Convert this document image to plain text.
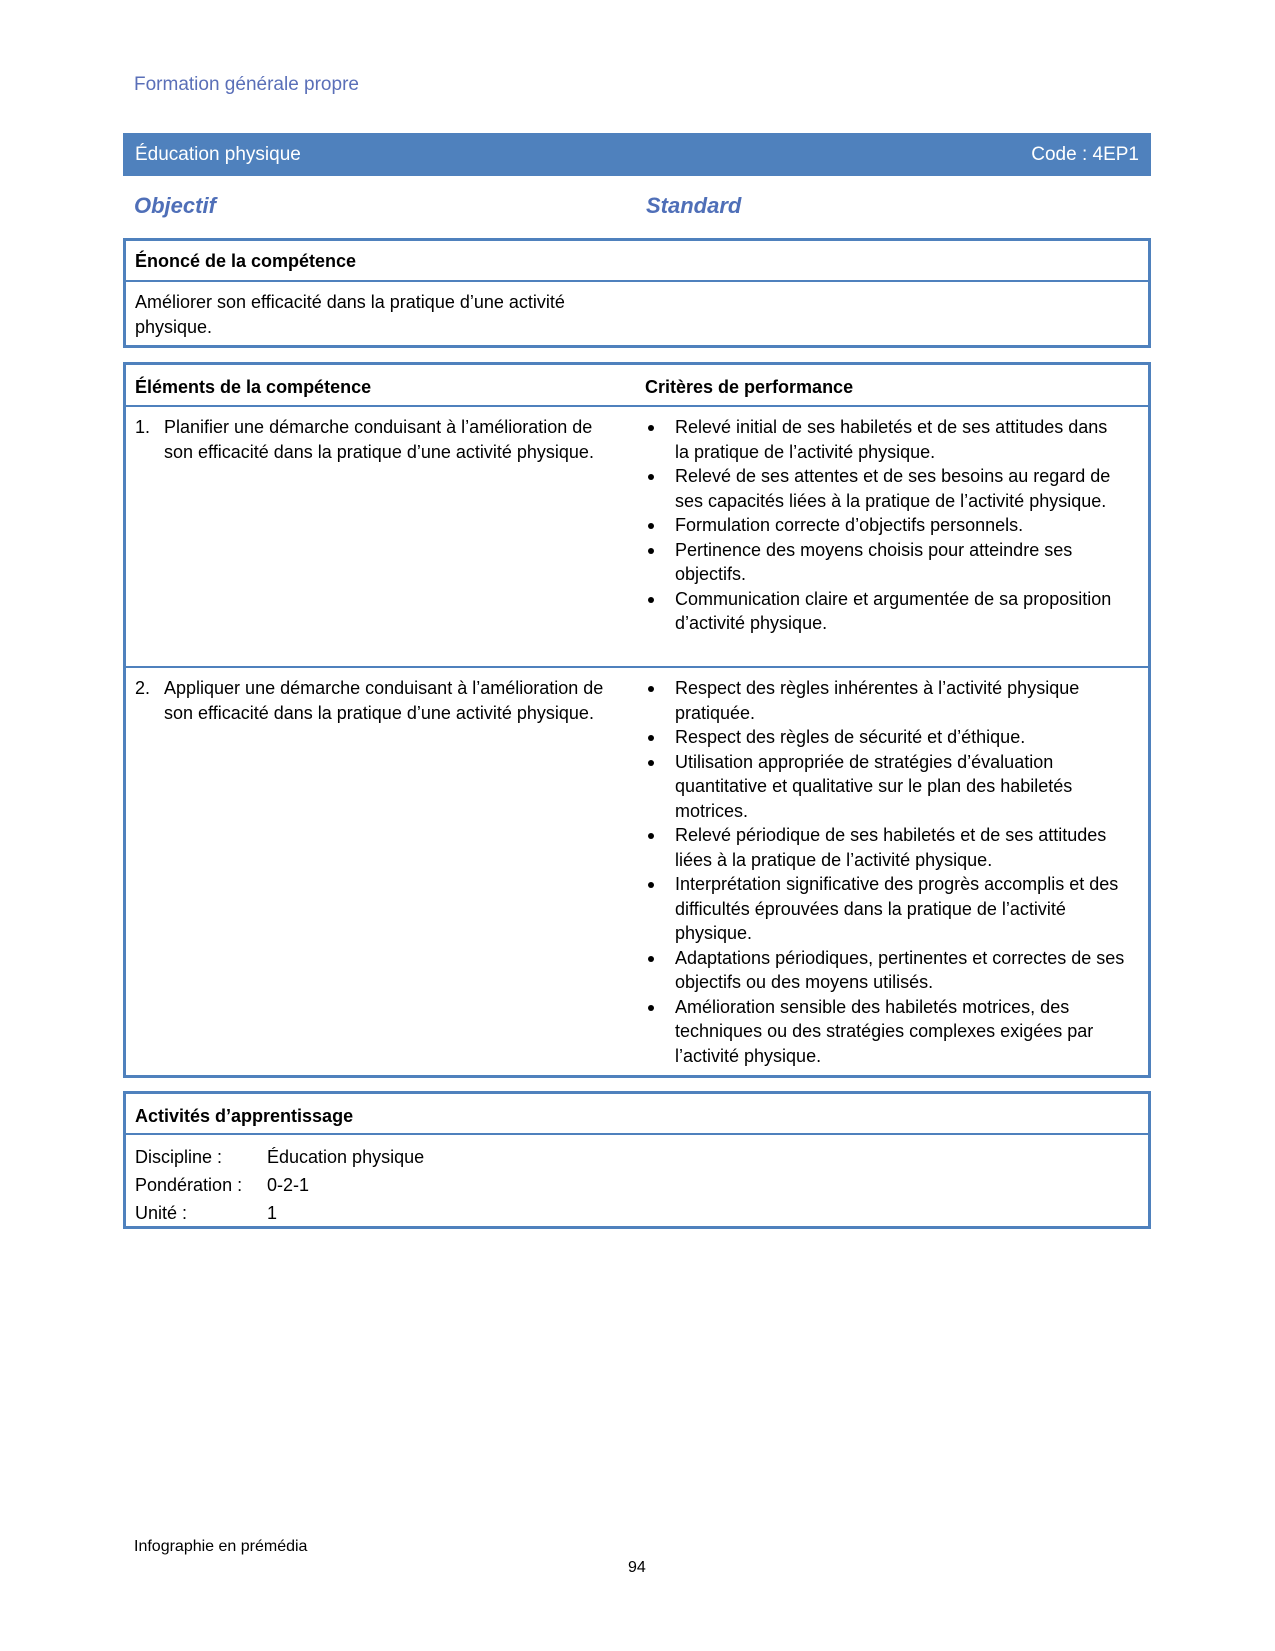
Formation générale propre
Éducation physique	Code : 4EP1
Objectif	Standard
Énoncé de la compétence
Améliorer son efficacité dans la pratique d’une activité physique.
Éléments de la compétence	Critères de performance
1. Planifier une démarche conduisant à l’amélioration de son efficacité dans la pratique d’une activité physique.
Relevé initial de ses habiletés et de ses attitudes dans la pratique de l’activité physique.
Relevé de ses attentes et de ses besoins au regard de ses capacités liées à la pratique de l’activité physique.
Formulation correcte d’objectifs personnels.
Pertinence des moyens choisis pour atteindre ses objectifs.
Communication claire et argumentée de sa proposition d’activité physique.
2. Appliquer une démarche conduisant à l’amélioration de son efficacité dans la pratique d’une activité physique.
Respect des règles inhérentes à l’activité physique pratiquée.
Respect des règles de sécurité et d’éthique.
Utilisation appropriée de stratégies d’évaluation quantitative et qualitative sur le plan des habiletés motrices.
Relevé périodique de ses habiletés et de ses attitudes liées à la pratique de l’activité physique.
Interprétation significative des progrès accomplis et des difficultés éprouvées dans la pratique de l’activité physique.
Adaptations périodiques, pertinentes et correctes de ses objectifs ou des moyens utilisés.
Amélioration sensible des habiletés motrices, des techniques ou des stratégies complexes exigées par l’activité physique.
Activités d’apprentissage
Discipline : Éducation physique
Pondération : 0-2-1
Unité :	1
Infographie en prémédia
94
